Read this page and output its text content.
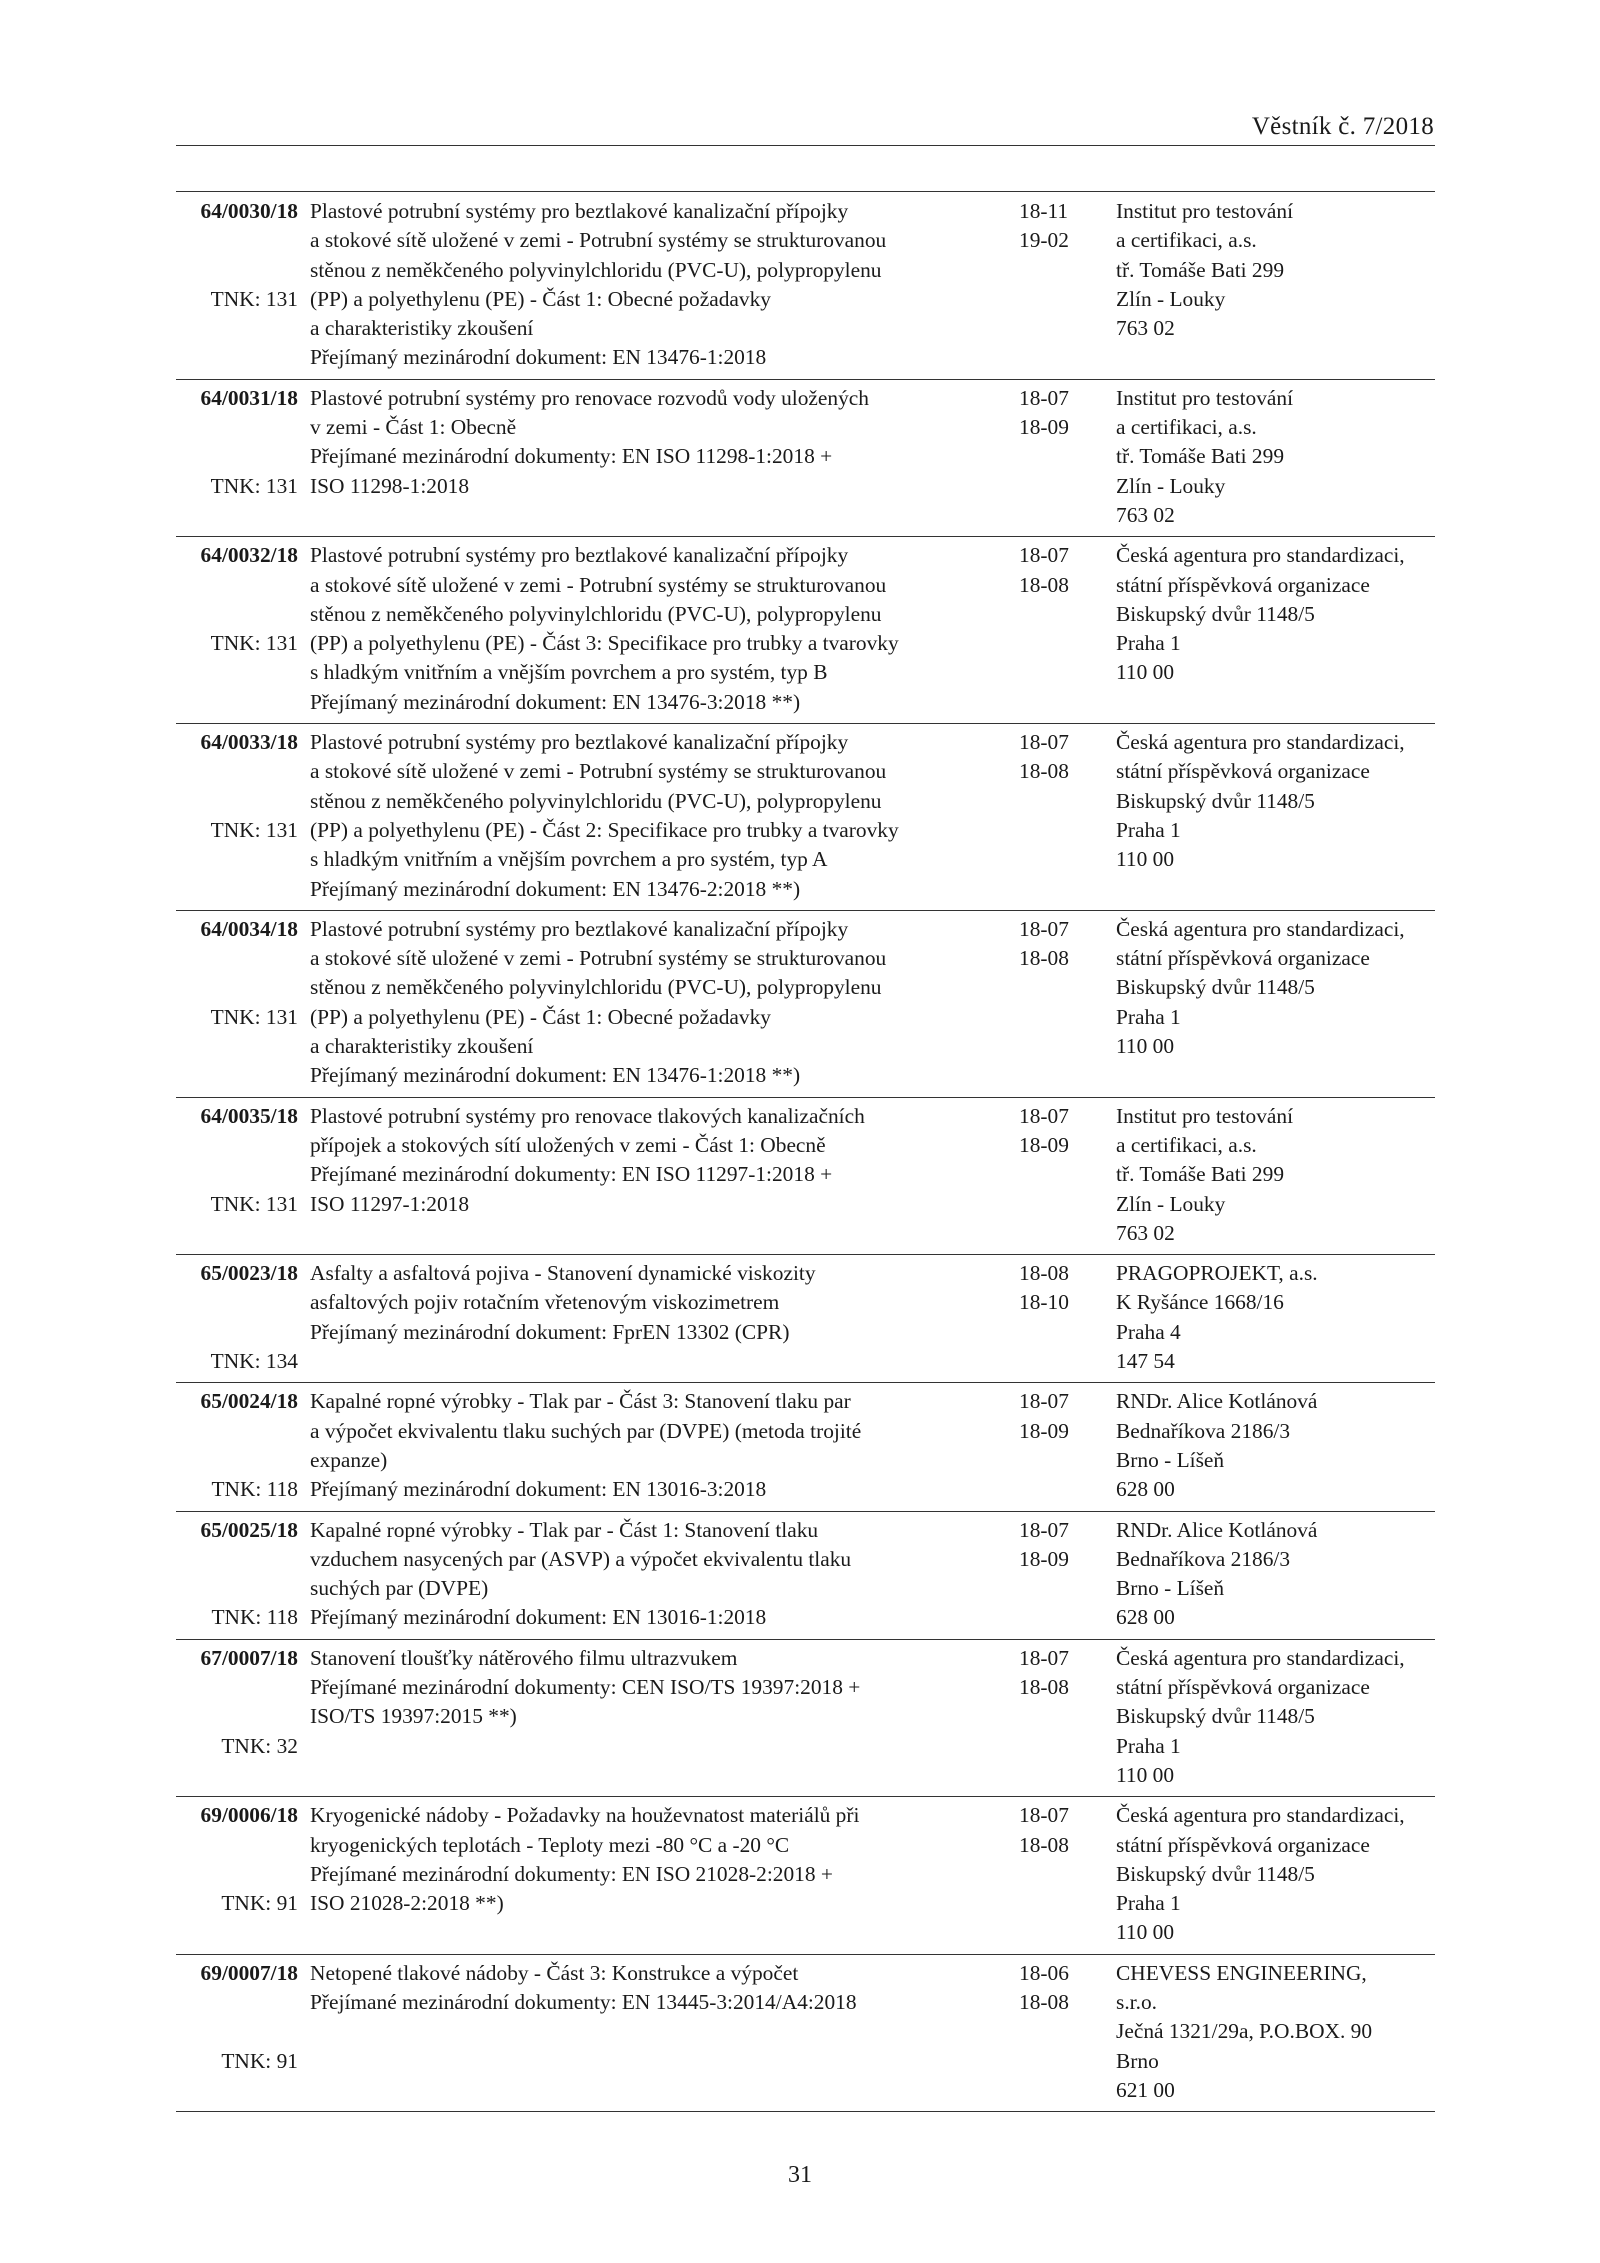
Věstník č. 7/2018
64/0030/18
TNK: 131
Plastové potrubní systémy pro beztlakové kanalizační přípojky
a stokové sítě uložené v zemi - Potrubní systémy se strukturovanou
stěnou z neměkčeného polyvinylchloridu (PVC-U), polypropylenu
(PP) a polyethylenu (PE) - Část 1: Obecné požadavky
a charakteristiky zkoušení
Přejímaný mezinárodní dokument: EN 13476-1:2018
18-11
19-02
Institut pro testování
a certifikaci, a.s.
tř. Tomáše Bati 299
Zlín - Louky
763 02
64/0031/18
TNK: 131
Plastové potrubní systémy pro renovace rozvodů vody uložených
v zemi - Část 1: Obecně
Přejímané mezinárodní dokumenty: EN ISO 11298-1:2018 +
ISO 11298-1:2018
18-07
18-09
Institut pro testování
a certifikaci, a.s.
tř. Tomáše Bati 299
Zlín - Louky
763 02
64/0032/18
TNK: 131
Plastové potrubní systémy pro beztlakové kanalizační přípojky
a stokové sítě uložené v zemi - Potrubní systémy se strukturovanou
stěnou z neměkčeného polyvinylchloridu (PVC-U), polypropylenu
(PP) a polyethylenu (PE) - Část 3: Specifikace pro trubky a tvarovky
s hladkým vnitřním a vnějším povrchem a pro systém, typ B
Přejímaný mezinárodní dokument: EN 13476-3:2018 **)
18-07
18-08
Česká agentura pro standardizaci,
státní příspěvková organizace
Biskupský dvůr 1148/5
Praha 1
110 00
64/0033/18
TNK: 131
Plastové potrubní systémy pro beztlakové kanalizační přípojky
a stokové sítě uložené v zemi - Potrubní systémy se strukturovanou
stěnou z neměkčeného polyvinylchloridu (PVC-U), polypropylenu
(PP) a polyethylenu (PE) - Část 2: Specifikace pro trubky a tvarovky
s hladkým vnitřním a vnějším povrchem a pro systém, typ A
Přejímaný mezinárodní dokument: EN 13476-2:2018 **)
18-07
18-08
Česká agentura pro standardizaci,
státní příspěvková organizace
Biskupský dvůr 1148/5
Praha 1
110 00
64/0034/18
TNK: 131
Plastové potrubní systémy pro beztlakové kanalizační přípojky
a stokové sítě uložené v zemi - Potrubní systémy se strukturovanou
stěnou z neměkčeného polyvinylchloridu (PVC-U), polypropylenu
(PP) a polyethylenu (PE) - Část 1: Obecné požadavky
a charakteristiky zkoušení
Přejímaný mezinárodní dokument: EN 13476-1:2018 **)
18-07
18-08
Česká agentura pro standardizaci,
státní příspěvková organizace
Biskupský dvůr 1148/5
Praha 1
110 00
64/0035/18
TNK: 131
Plastové potrubní systémy pro renovace tlakových kanalizačních
přípojek a stokových sítí uložených v zemi - Část 1: Obecně
Přejímané mezinárodní dokumenty: EN ISO 11297-1:2018 +
ISO 11297-1:2018
18-07
18-09
Institut pro testování
a certifikaci, a.s.
tř. Tomáše Bati 299
Zlín - Louky
763 02
65/0023/18
TNK: 134
Asfalty a asfaltová pojiva - Stanovení dynamické viskozity
asfaltových pojiv rotačním vřetenovým viskozimetrem
Přejímaný mezinárodní dokument: FprEN 13302 (CPR)
18-08
18-10
PRAGOPROJEKT, a.s.
K Ryšánce 1668/16
Praha 4
147 54
65/0024/18
TNK: 118
Kapalné ropné výrobky - Tlak par - Část 3: Stanovení tlaku par
a výpočet ekvivalentu tlaku suchých par (DVPE) (metoda trojité
expanze)
Přejímaný mezinárodní dokument: EN 13016-3:2018
18-07
18-09
RNDr. Alice Kotlánová
Bednaříkova 2186/3
Brno - Líšeň
628 00
65/0025/18
TNK: 118
Kapalné ropné výrobky - Tlak par - Část 1: Stanovení tlaku
vzduchem nasycených par (ASVP) a výpočet ekvivalentu tlaku
suchých par (DVPE)
Přejímaný mezinárodní dokument: EN 13016-1:2018
18-07
18-09
RNDr. Alice Kotlánová
Bednaříkova 2186/3
Brno - Líšeň
628 00
67/0007/18
TNK: 32
Stanovení tloušťky nátěrového filmu ultrazvukem
Přejímané mezinárodní dokumenty: CEN ISO/TS 19397:2018 +
ISO/TS 19397:2015 **)
18-07
18-08
Česká agentura pro standardizaci,
státní příspěvková organizace
Biskupský dvůr 1148/5
Praha 1
110 00
69/0006/18
TNK: 91
Kryogenické nádoby - Požadavky na houževnatost materiálů při
kryogenických teplotách - Teploty mezi -80 °C a -20 °C
Přejímané mezinárodní dokumenty: EN ISO 21028-2:2018 +
ISO 21028-2:2018 **)
18-07
18-08
Česká agentura pro standardizaci,
státní příspěvková organizace
Biskupský dvůr 1148/5
Praha 1
110 00
69/0007/18
TNK: 91
Netopené tlakové nádoby - Část 3: Konstrukce a výpočet
Přejímané mezinárodní dokumenty: EN 13445-3:2014/A4:2018
18-06
18-08
CHEVESS ENGINEERING,
s.r.o.
Ječná 1321/29a, P.O.BOX. 90
Brno
621 00
31
